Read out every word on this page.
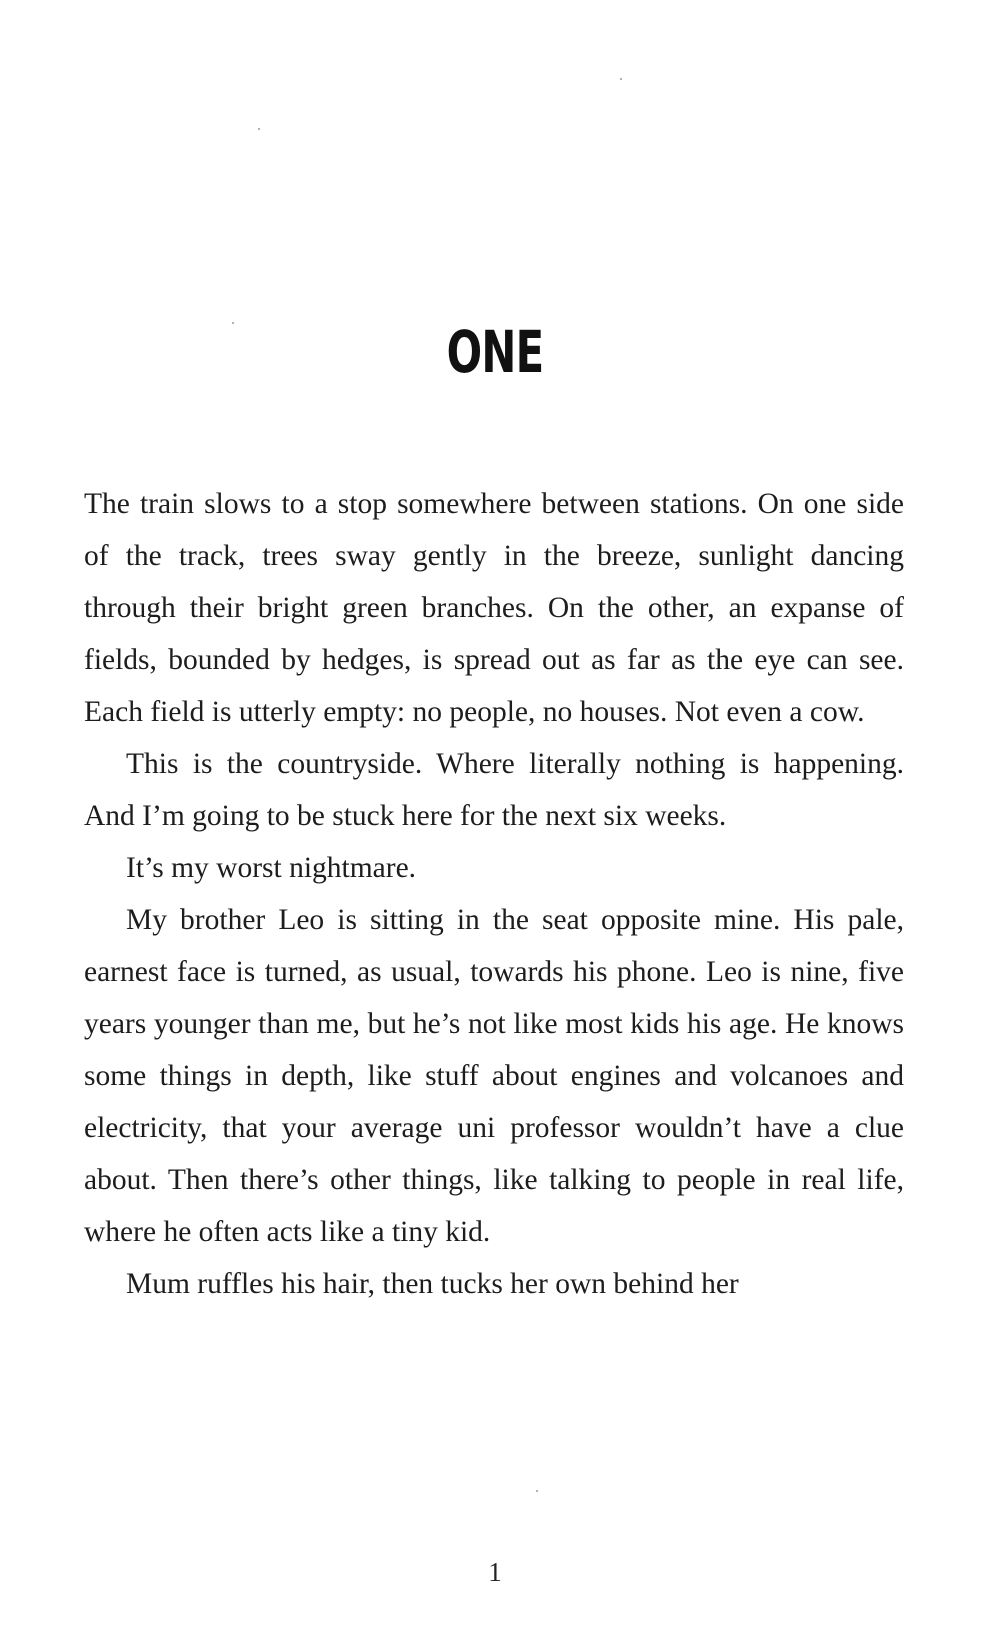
ONE

The train slows to a stop somewhere between stations. On one side of the track, trees sway gently in the breeze, sunlight dancing through their bright green branches. On the other, an expanse of fields, bounded by hedges, is spread out as far as the eye can see. Each field is utterly empty: no people, no houses. Not even a cow.

This is the countryside. Where literally nothing is happening. And I’m going to be stuck here for the next six weeks.

It’s my worst nightmare.

My brother Leo is sitting in the seat opposite mine. His pale, earnest face is turned, as usual, towards his phone. Leo is nine, five years younger than me, but he’s not like most kids his age. He knows some things in depth, like stuff about engines and volcanoes and electricity, that your average uni professor wouldn’t have a clue about. Then there’s other things, like talking to people in real life, where he often acts like a tiny kid.

Mum ruffles his hair, then tucks her own behind her

1
